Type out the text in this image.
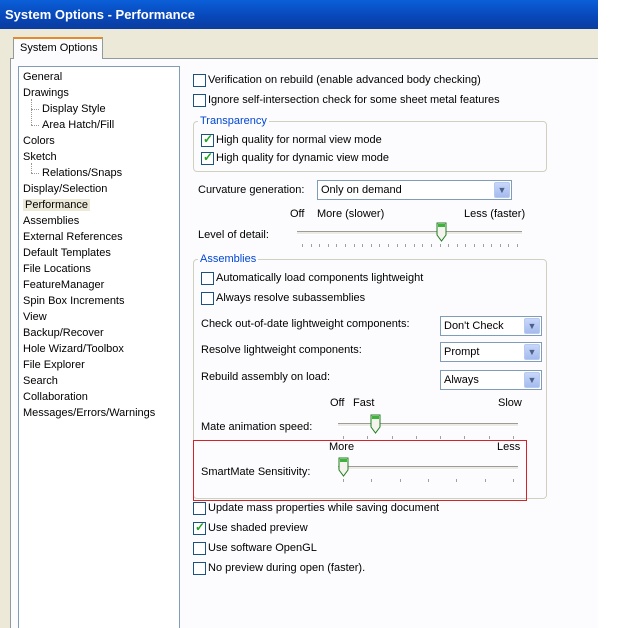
System Options - Performance
System Options
General
Drawings
Display Style
Area Hatch/Fill
Colors
Sketch
Relations/Snaps
Display/Selection
Performance
Assemblies
External References
Default Templates
File Locations
FeatureManager
Spin Box Increments
View
Backup/Recover
Hole Wizard/Toolbox
File Explorer
Search
Collaboration
Messages/Errors/Warnings
Verification on rebuild (enable advanced body checking)
Ignore self-intersection check for some sheet metal features
Transparency
✓
High quality for normal view mode
✓
High quality for dynamic view mode
Curvature generation:	Only on demand	▼
Off More (slower)	Less (faster)
Level of detail:
Assemblies
Automatically load components lightweight
Always resolve subassemblies
Check out-of-date lightweight components:	Don't Check	▼
Resolve lightweight components:	Prompt	▼
Rebuild assembly on load:	Always	▼
Off Fast	Slow
Mate animation speed:
More	Less
SmartMate Sensitivity:
Update mass properties while saving document
✓
Use shaded preview
Use software OpenGL
No preview during open (faster).
